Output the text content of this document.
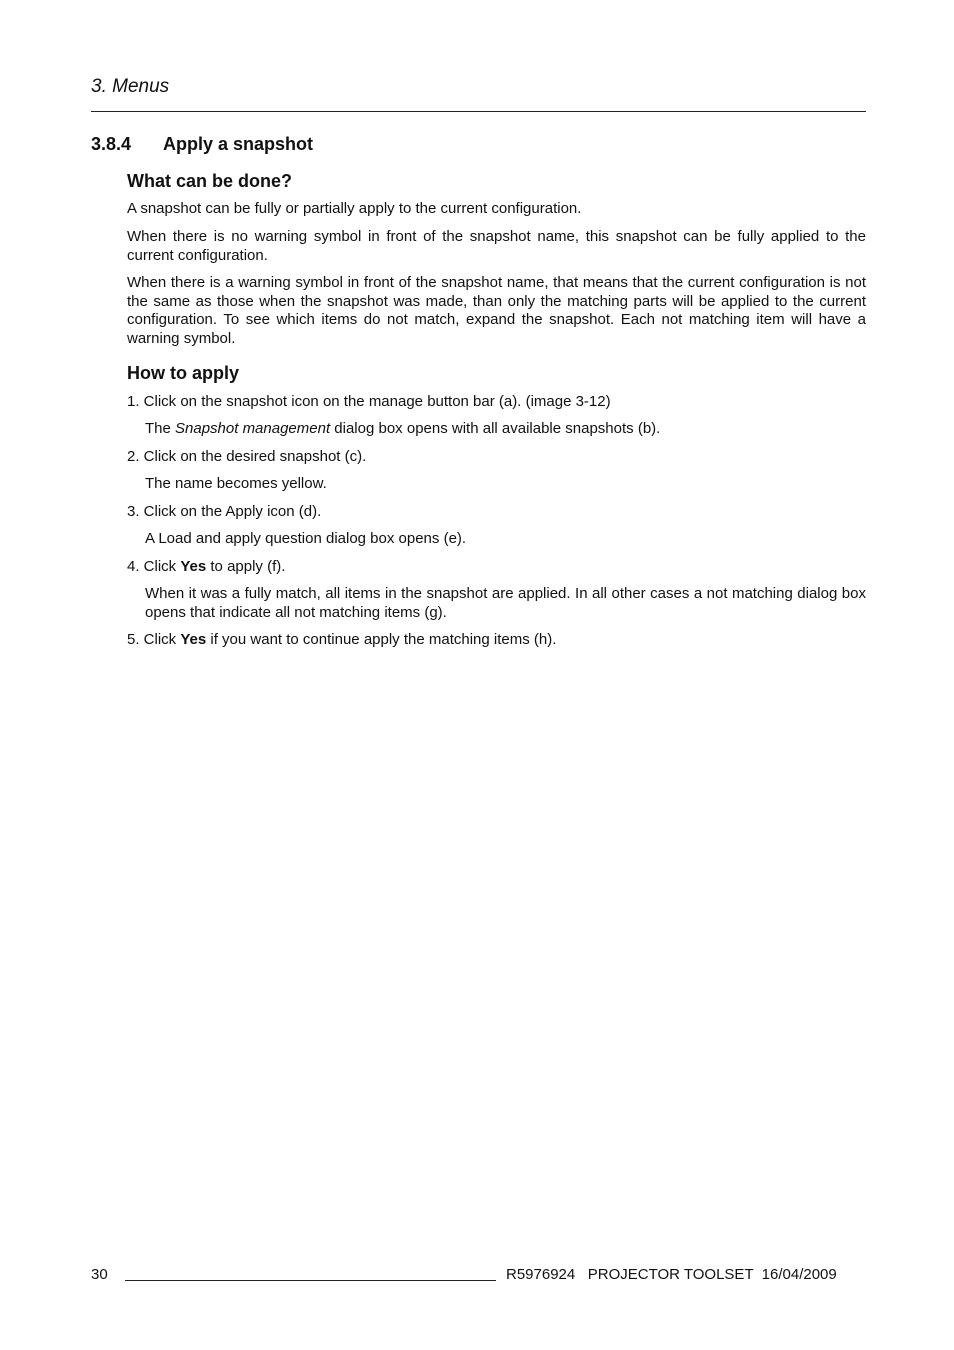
3. Menus
3.8.4 Apply a snapshot
What can be done?
A snapshot can be fully or partially apply to the current configuration.
When there is no warning symbol in front of the snapshot name, this snapshot can be fully applied to the current configuration.
When there is a warning symbol in front of the snapshot name, that means that the current configuration is not the same as those when the snapshot was made, than only the matching parts will be applied to the current configuration. To see which items do not match, expand the snapshot. Each not matching item will have a warning symbol.
How to apply
1. Click on the snapshot icon on the manage button bar (a). (image 3-12)
The Snapshot management dialog box opens with all available snapshots (b).
2. Click on the desired snapshot (c).
The name becomes yellow.
3. Click on the Apply icon (d).
A Load and apply question dialog box opens (e).
4. Click Yes to apply (f).
When it was a fully match, all items in the snapshot are applied. In all other cases a not matching dialog box opens that indicate all not matching items (g).
5. Click Yes if you want to continue apply the matching items (h).
30	R5976924   PROJECTOR TOOLSET  16/04/2009
